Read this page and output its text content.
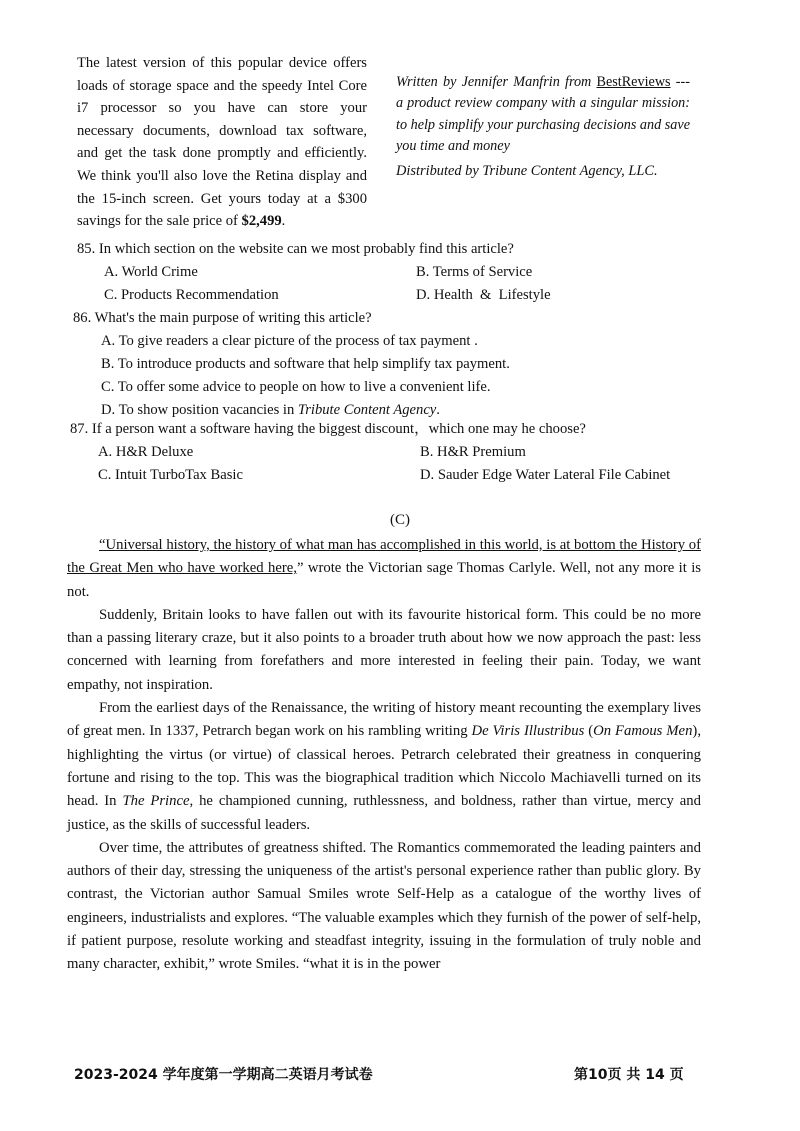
The latest version of this popular device offers loads of storage space and the speedy Intel Core i7 processor so you have can store your necessary documents, download tax software, and get the task done promptly and efficiently. We think you'll also love the Retina display and the 15-inch screen. Get yours today at a $300 savings for the sale price of $2,499.
Written by Jennifer Manfrin from BestReviews --- a product review company with a singular mission: to help simplify your purchasing decisions and save you time and money
Distributed by Tribune Content Agency, LLC.
85. In which section on the website can we most probably find this article?
A. World Crime	B. Terms of Service
C. Products Recommendation	D. Health  &  Lifestyle
86. What's the main purpose of writing this article?
A. To give readers a clear picture of the process of tax payment .
B. To introduce products and software that help simplify tax payment.
C. To offer some advice to people on how to live a convenient life.
D. To show position vacancies in Tribute Content Agency.
87. If a person want a software having the biggest discount，which one may he choose?
A. H&R Deluxe	B. H&R Premium
C. Intuit TurboTax Basic	D. Sauder Edge Water Lateral File Cabinet
(C)

“Universal history, the history of what man has accomplished in this world, is at bottom the History of the Great Men who have worked here,” wrote the Victorian sage Thomas Carlyle. Well, not any more it is not.

Suddenly, Britain looks to have fallen out with its favourite historical form. This could be no more than a passing literary craze, but it also points to a broader truth about how we now approach the past: less concerned with learning from forefathers and more interested in feeling their pain. Today, we want empathy, not inspiration.

From the earliest days of the Renaissance, the writing of history meant recounting the exemplary lives of great men. In 1337, Petrarch began work on his rambling writing De Viris Illustribus (On Famous Men), highlighting the virtus (or virtue) of classical heroes. Petrarch celebrated their greatness in conquering fortune and rising to the top. This was the biographical tradition which Niccolo Machiavelli turned on its head. In The Prince, he championed cunning, ruthlessness, and boldness, rather than virtue, mercy and justice, as the skills of successful leaders.

Over time, the attributes of greatness shifted. The Romantics commemorated the leading painters and authors of their day, stressing the uniqueness of the artist's personal experience rather than public glory. By contrast, the Victorian author Samual Smiles wrote Self-Help as a catalogue of the worthy lives of engineers, industrialists and explores. “The valuable examples which they furnish of the power of self-help, if patient purpose, resolute working and steadfast integrity, issuing in the formulation of truly noble and many character, exhibit,” wrote Smiles. “what it is in the power

2023-2024 学年度第一学期高二英语月考试卷	第10页 共 14 页
